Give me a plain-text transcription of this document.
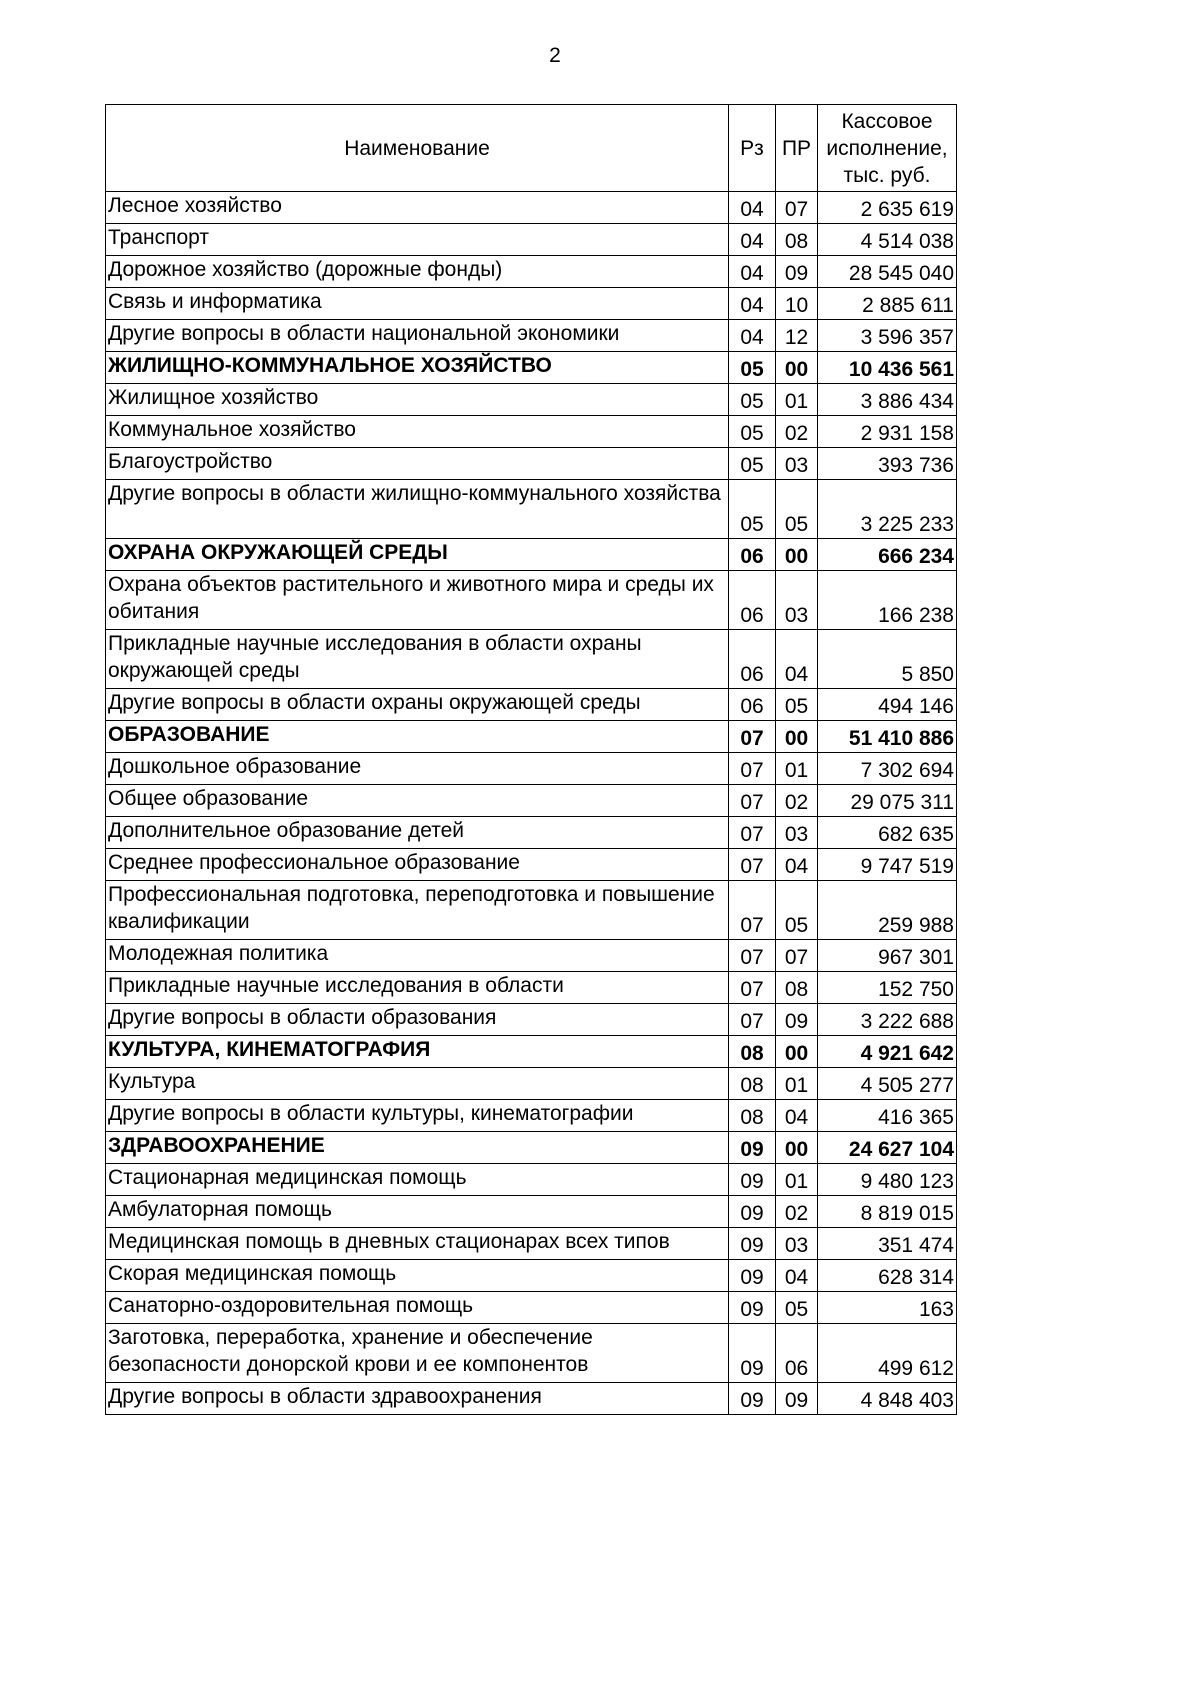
2
Наименование	Рз	ПР	Кассовое исполнение, тыс. руб.
Лесное хозяйство	04	07	2 635 619
Транспорт	04	08	4 514 038
Дорожное хозяйство (дорожные фонды)	04	09	28 545 040
Связь и информатика	04	10	2 885 611
Другие вопросы в области национальной экономики	04	12	3 596 357
ЖИЛИЩНО-КОММУНАЛЬНОЕ ХОЗЯЙСТВО	05	00	10 436 561
Жилищное хозяйство	05	01	3 886 434
Коммунальное хозяйство	05	02	2 931 158
Благоустройство	05	03	393 736
Другие вопросы в области жилищно-коммунального хозяйства	05	05	3 225 233
ОХРАНА ОКРУЖАЮЩЕЙ СРЕДЫ	06	00	666 234
Охрана объектов растительного и животного мира и среды их обитания	06	03	166 238
Прикладные научные исследования в области охраны окружающей среды	06	04	5 850
Другие вопросы в области охраны окружающей среды	06	05	494 146
ОБРАЗОВАНИЕ	07	00	51 410 886
Дошкольное образование	07	01	7 302 694
Общее образование	07	02	29 075 311
Дополнительное образование детей	07	03	682 635
Среднее профессиональное образование	07	04	9 747 519
Профессиональная подготовка, переподготовка и повышение квалификации	07	05	259 988
Молодежная политика	07	07	967 301
Прикладные научные исследования в области	07	08	152 750
Другие вопросы в области образования	07	09	3 222 688
КУЛЬТУРА, КИНЕМАТОГРАФИЯ	08	00	4 921 642
Культура	08	01	4 505 277
Другие вопросы в области культуры, кинематографии	08	04	416 365
ЗДРАВООХРАНЕНИЕ	09	00	24 627 104
Стационарная медицинская помощь	09	01	9 480 123
Амбулаторная помощь	09	02	8 819 015
Медицинская помощь в дневных стационарах всех типов	09	03	351 474
Скорая медицинская помощь	09	04	628 314
Санаторно-оздоровительная помощь	09	05	163
Заготовка, переработка, хранение и обеспечение безопасности донорской крови и ее компонентов	09	06	499 612
Другие вопросы в области здравоохранения	09	09	4 848 403
